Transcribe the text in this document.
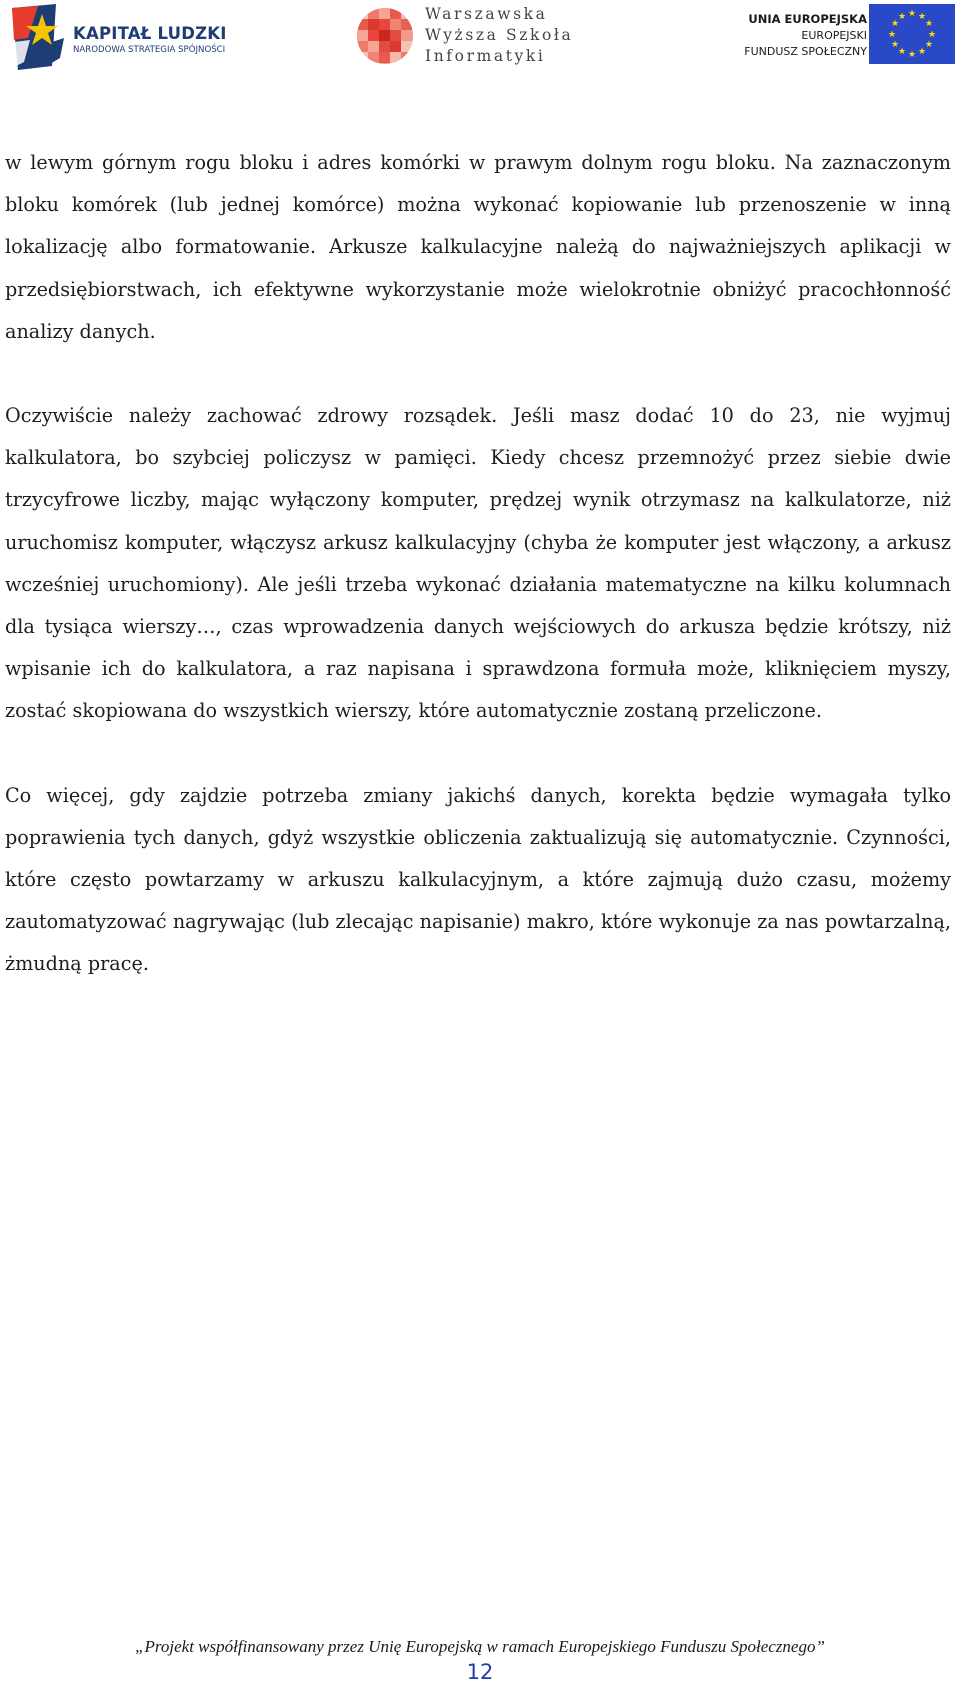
KAPITAŁ LUDZKI
NARODOWA STRATEGIA SPÓJNOŚCI
Warszawska
Wyższa Szkoła
Informatyki
UNIA EUROPEJSKA
EUROPEJSKI
FUNDUSZ SPOŁECZNY
★ ★
★
★
★
★
★
★
★
★
★
★

w lewym górnym rogu bloku i adres komórki w prawym dolnym rogu bloku. Na zaznaczonym bloku komórek (lub jednej komórce) można wykonać kopiowanie lub przenoszenie w inną lokalizację albo formatowanie. Arkusze kalkulacyjne należą do najważniejszych aplikacji w przedsiębiorstwach, ich efektywne wykorzystanie może wielokrotnie obniżyć pracochłonność analizy danych.

Oczywiście należy zachować zdrowy rozsądek. Jeśli masz dodać 10 do 23, nie wyjmuj kalkulatora, bo szybciej policzysz w pamięci. Kiedy chcesz przemnożyć przez siebie dwie trzycyfrowe liczby, mając wyłączony komputer, prędzej wynik otrzymasz na kalkulatorze, niż uruchomisz komputer, włączysz arkusz kalkulacyjny (chyba że komputer jest włączony, a arkusz wcześniej uruchomiony). Ale jeśli trzeba wykonać działania matematyczne na kilku kolumnach dla tysiąca wierszy…, czas wprowadzenia danych wejściowych do arkusza będzie krótszy, niż wpisanie ich do kalkulatora, a raz napisana i sprawdzona formuła może, kliknięciem myszy, zostać skopiowana do wszystkich wierszy, które automatycznie zostaną przeliczone.

Co więcej, gdy zajdzie potrzeba zmiany jakichś danych, korekta będzie wymagała tylko poprawienia tych danych, gdyż wszystkie obliczenia zaktualizują się automatycznie. Czynności, które często powtarzamy w arkuszu kalkulacyjnym, a które zajmują dużo czasu, możemy zautomatyzować nagrywając (lub zlecając napisanie) makro, które wykonuje za nas powtarzalną, żmudną pracę.

„Projekt współfinansowany przez Unię Europejską w ramach Europejskiego Funduszu Społecznego”
12
